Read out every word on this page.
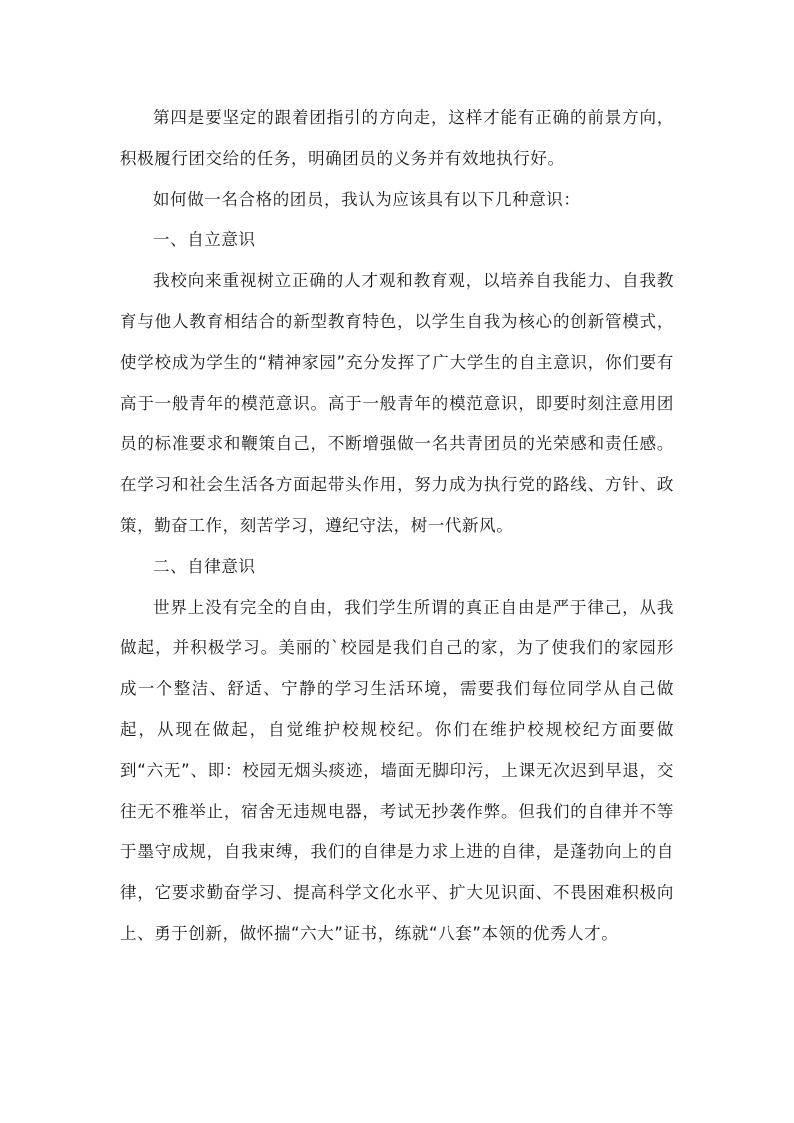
第四是要坚定的跟着团指引的方向走，这样才能有正确的前景方向，积极履行团交给的任务，明确团员的义务并有效地执行好。

如何做一名合格的团员，我认为应该具有以下几种意识：

一、自立意识

我校向来重视树立正确的人才观和教育观，以培养自我能力、自我教育与他人教育相结合的新型教育特色，以学生自我为核心的创新管模式，使学校成为学生的“精神家园”充分发挥了广大学生的自主意识，你们要有高于一般青年的模范意识。高于一般青年的模范意识，即要时刻注意用团员的标准要求和鞭策自己，不断增强做一名共青团员的光荣感和责任感。在学习和社会生活各方面起带头作用，努力成为执行党的路线、方针、政策，勤奋工作，刻苦学习，遵纪守法，树一代新风。

二、自律意识

世界上没有完全的自由，我们学生所谓的真正自由是严于律己，从我做起，并积极学习。美丽的`校园是我们自己的家，为了使我们的家园形成一个整洁、舒适、宁静的学习生活环境，需要我们每位同学从自己做起，从现在做起，自觉维护校规校纪。你们在维护校规校纪方面要做到“六无”、即：校园无烟头痰迹，墙面无脚印污，上课无次迟到早退，交往无不雅举止，宿舍无违规电器，考试无抄袭作弊。但我们的自律并不等于墨守成规，自我束缚，我们的自律是力求上进的自律，是蓬勃向上的自律，它要求勤奋学习、提高科学文化水平、扩大见识面、不畏困难积极向上、勇于创新，做怀揣“六大”证书，练就“八套”本领的优秀人才。
